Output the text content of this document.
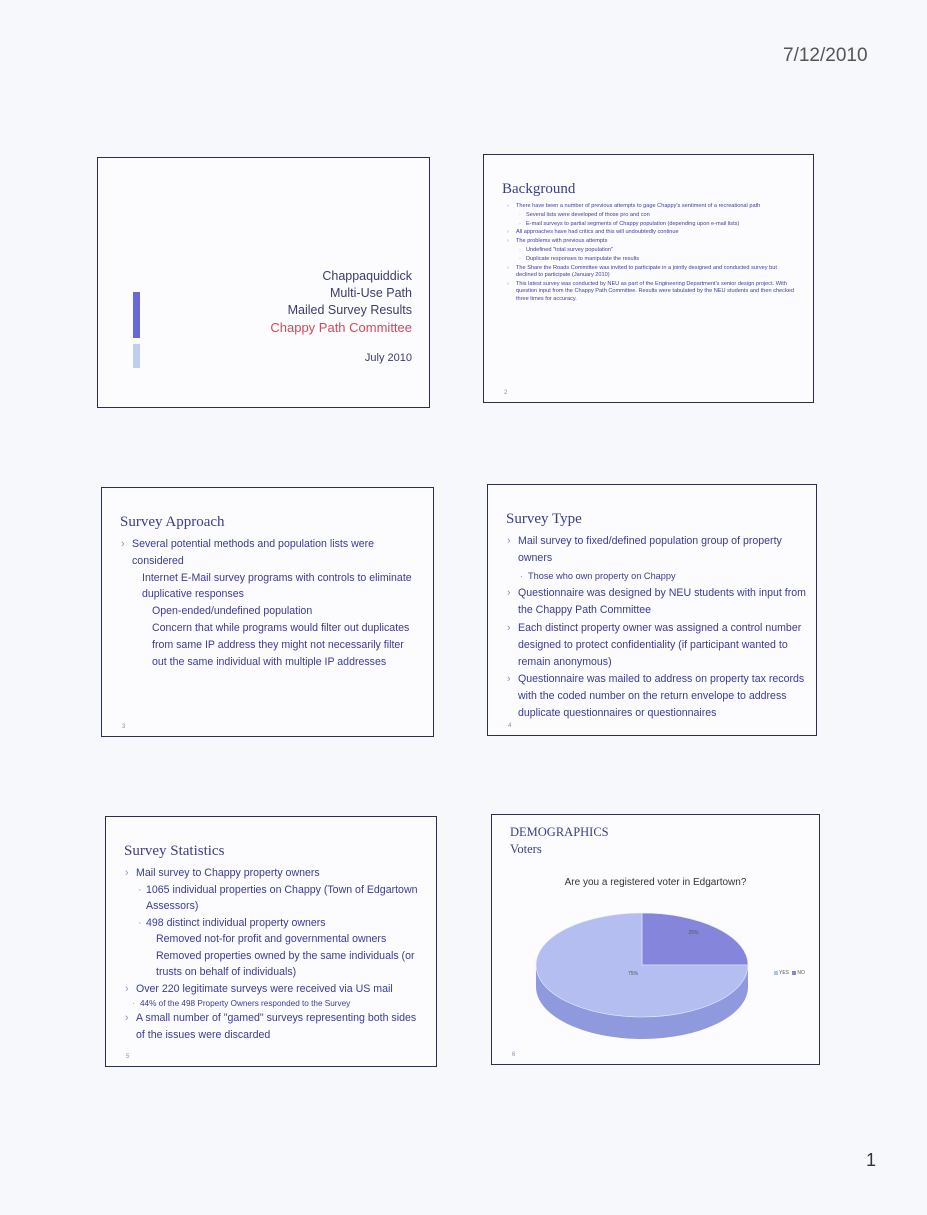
7/12/2010
Chappaquiddick
Multi-Use Path
Mailed Survey Results
Chappy Path Committee
July 2010
Background
› There have been a number of previous attempts to gage Chappy's sentiment of a recreational path
· Several lists were developed of those pro and con
· E-mail surveys to partial segments of Chappy population (depending upon e-mail lists)
› All approaches have had critics and this will undoubtedly continue
› The problems with previous attempts
· Undefined "total survey population"
· Duplicate responses to manipulate the results
› The Share the Roads Committee was invited to participate in a jointly designed and conducted survey but declined to participate (January 2010)
› This latest survey was conducted by NEU as part of the Engineering Department's senior design project. With question input from the Chappy Path Committee. Results were tabulated by the NEU students and then checked three times for accuracy.
2
Survey Approach
› Several potential methods and population lists were considered
· Internet E-Mail survey programs with controls to eliminate duplicative responses
Open-ended/undefined population
Concern that while programs would filter out duplicates from same IP address they might not necessarily filter out the same individual with multiple IP addresses
3
Survey Type
› Mail survey to fixed/defined population group of property owners
· Those who own property on Chappy
› Questionnaire was designed by NEU students with input from the Chappy Path Committee
› Each distinct property owner was assigned a control number designed to protect confidentiality (if participant wanted to remain anonymous)
› Questionnaire was mailed to address on property tax records with the coded number on the return envelope to address duplicate questionnaires or questionnaires
4
Survey Statistics
› Mail survey to Chappy property owners
· 1065 individual properties on Chappy (Town of Edgartown Assessors)
· 498 distinct individual property owners
Removed not-for profit and governmental owners
Removed properties owned by the same individuals (or trusts on behalf of individuals)
› Over 220 legitimate surveys were received via US mail
· 44% of the 498 Property Owners responded to the Survey
› A small number of "gamed" surveys representing both sides of the issues were discarded
5
DEMOGRAPHICS
Voters
Are you a registered voter in Edgartown?
25%
75%	YES NO
6
1
